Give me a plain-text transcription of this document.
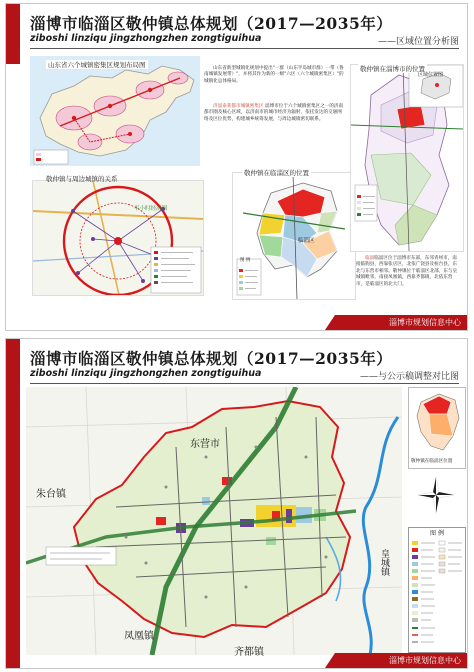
淄博市临淄区敬仲镇总体规划（2017—2035年）
ziboshi linziqu jingzhongzhen zongtiguihua	——区域位置分析图
山东省六个城镇密集区规划布局图	山东省新型城镇化规划中提出"一群（山东半岛城市群）一带（鲁南城镇发展带）"，并将其作为新的一级"六区（六个城镇密集区）"的城镇化总体格局。
济淄泰莱都市城镇密集区 淄博市位于六个城镇密集区之一的济南都市圈及核心区域，以济南市的城市经济为辐射，依托发达的交通网络及区位优势，构建城乡统筹发展，与周边城镇密切联系。
敬仲镇与周边城镇的关系
半小时经济圈
敬仲镇在临淄区的位置
临淄区
图 例
敬仲镇在淄博市的位置
区域位置图
临淄临淄区位于淄博市东部，东邻青州市，南接临朐县，西靠张店区，北依广饶县及桓台县，东北与东营市相邻。敬仲镇位于临淄区北部，东与皇城镇毗邻，南接凤凰镇，西靠齐都镇，北依东营市，是临淄区的北大门。
淄博市规划信息中心
淄博市临淄区敬仲镇总体规划（2017—2035年）
ziboshi linziqu jingzhongzhen zongtiguihua	——与公示稿调整对比图
东营市
朱台镇
皇城镇
凤凰镇
齐都镇
敬仲镇在临淄区位置
图 例
淄博市规划信息中心
